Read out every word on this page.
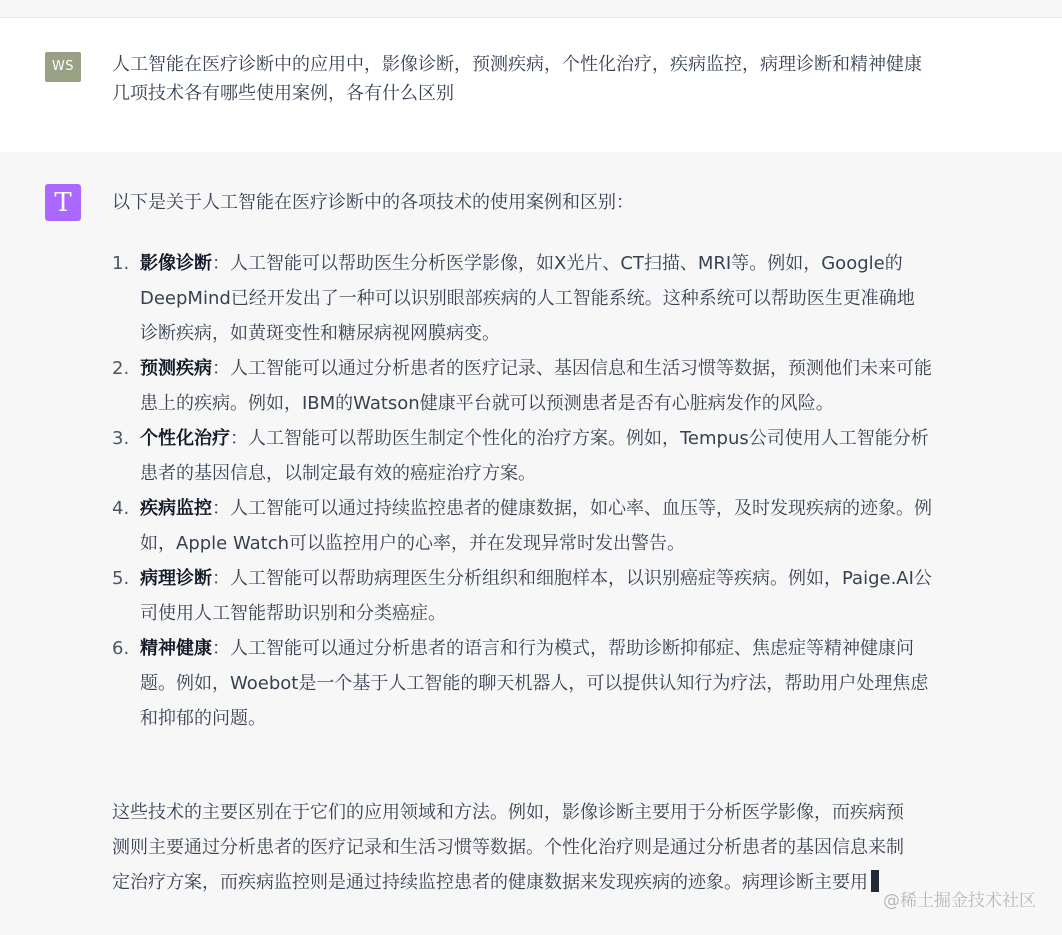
WS	人工智能在医疗诊断中的应用中，影像诊断，预测疾病，个性化治疗，疾病监控，病理诊断和精神健康几项技术各有哪些使用案例，各有什么区别
T 以下是关于人工智能在医疗诊断中的各项技术的使用案例和区别：
1. 影像诊断：人工智能可以帮助医生分析医学影像，如X光片、CT扫描、MRI等。例如，Google的DeepMind已经开发出了一种可以识别眼部疾病的人工智能系统。这种系统可以帮助医生更准确地诊断疾病，如黄斑变性和糖尿病视网膜病变。
2. 预测疾病：人工智能可以通过分析患者的医疗记录、基因信息和生活习惯等数据，预测他们未来可能患上的疾病。例如，IBM的Watson健康平台就可以预测患者是否有心脏病发作的风险。
3. 个性化治疗：人工智能可以帮助医生制定个性化的治疗方案。例如，Tempus公司使用人工智能分析患者的基因信息，以制定最有效的癌症治疗方案。
4. 疾病监控：人工智能可以通过持续监控患者的健康数据，如心率、血压等，及时发现疾病的迹象。例如，Apple Watch可以监控用户的心率，并在发现异常时发出警告。
5. 病理诊断：人工智能可以帮助病理医生分析组织和细胞样本，以识别癌症等疾病。例如，Paige.AI公司使用人工智能帮助识别和分类癌症。
6. 精神健康：人工智能可以通过分析患者的语言和行为模式，帮助诊断抑郁症、焦虑症等精神健康问题。例如，Woebot是一个基于人工智能的聊天机器人，可以提供认知行为疗法，帮助用户处理焦虑和抑郁的问题。
这些技术的主要区别在于它们的应用领域和方法。例如，影像诊断主要用于分析医学影像，而疾病预测则主要通过分析患者的医疗记录和生活习惯等数据。个性化治疗则是通过分析患者的基因信息来制定治疗方案，而疾病监控则是通过持续监控患者的健康数据来发现疾病的迹象。病理诊断主要用
@稀土掘金技术社区
